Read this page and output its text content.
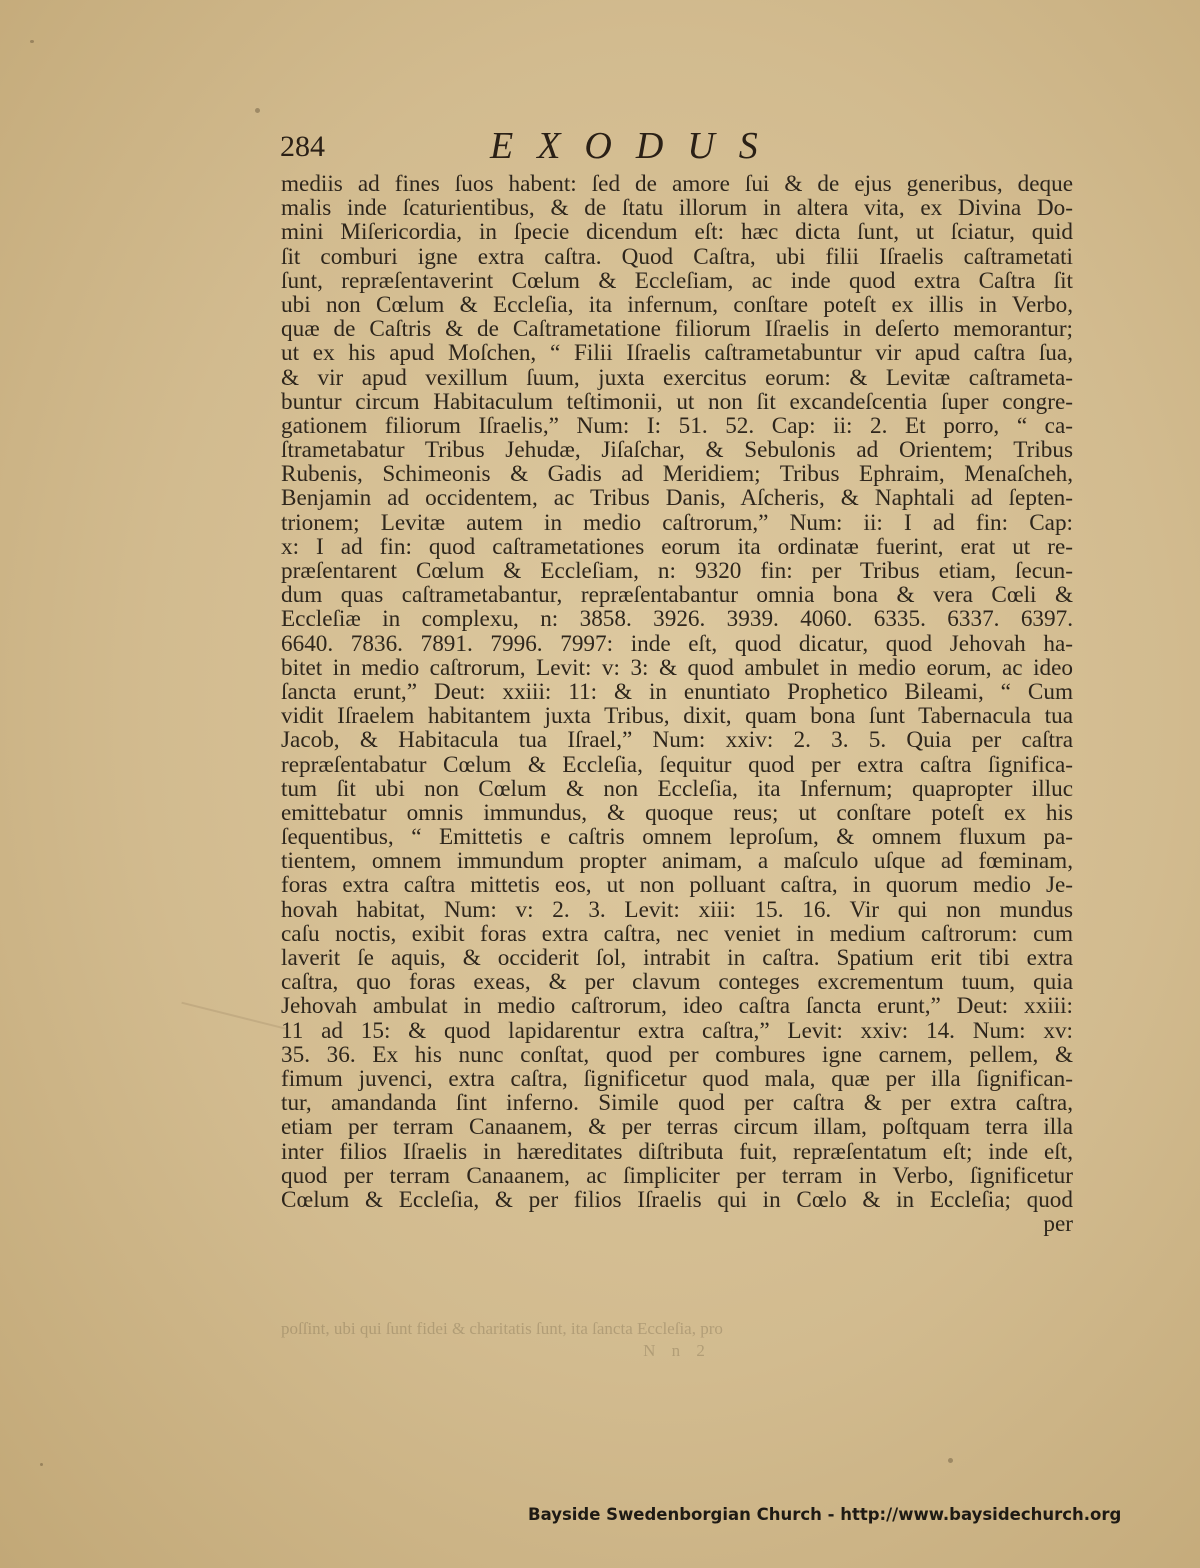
284	EXODUS
mediis ad fines ſuos habent: ſed de amore ſui & de ejus generibus, deque
malis inde ſcaturientibus, & de ſtatu illorum in altera vita, ex Divina Do-
mini Miſericordia, in ſpecie dicendum eſt: hæc dicta ſunt, ut ſciatur, quid
ſit comburi igne extra caſtra. Quod Caſtra, ubi filii Iſraelis caſtrametati
ſunt, repræſentaverint Cœlum & Eccleſiam, ac inde quod extra Caſtra ſit
ubi non Cœlum & Eccleſia, ita infernum, conſtare poteſt ex illis in Verbo,
quæ de Caſtris & de Caſtrametatione filiorum Iſraelis in deſerto memorantur;
ut ex his apud Moſchen, “ Filii Iſraelis caſtrametabuntur vir apud caſtra ſua,
& vir apud vexillum ſuum, juxta exercitus eorum: & Levitæ caſtrameta-
buntur circum Habitaculum teſtimonii, ut non ſit excandeſcentia ſuper congre-
gationem filiorum Iſraelis,” Num: I: 51. 52. Cap: ii: 2. Et porro, “ ca-
ſtrametabatur Tribus Jehudæ, Jiſaſchar, & Sebulonis ad Orientem; Tribus
Rubenis, Schimeonis & Gadis ad Meridiem; Tribus Ephraim, Menaſcheh,
Benjamin ad occidentem, ac Tribus Danis, Aſcheris, & Naphtali ad ſepten-
trionem; Levitæ autem in medio caſtrorum,” Num: ii: I ad fin: Cap:
x: I ad fin: quod caſtrametationes eorum ita ordinatæ fuerint, erat ut re-
præſentarent Cœlum & Eccleſiam, n: 9320 fin: per Tribus etiam, ſecun-
dum quas caſtrametabantur, repræſentabantur omnia bona & vera Cœli &
Eccleſiæ in complexu, n: 3858. 3926. 3939. 4060. 6335. 6337. 6397.
6640. 7836. 7891. 7996. 7997: inde eſt, quod dicatur, quod Jehovah ha-
bitet in medio caſtrorum, Levit: v: 3: & quod ambulet in medio eorum, ac ideo
ſancta erunt,” Deut: xxiii: 11: & in enuntiato Prophetico Bileami, “ Cum
vidit Iſraelem habitantem juxta Tribus, dixit, quam bona ſunt Tabernacula tua
Jacob, & Habitacula tua Iſrael,” Num: xxiv: 2. 3. 5. Quia per caſtra
repræſentabatur Cœlum & Eccleſia, ſequitur quod per extra caſtra ſignifica-
tum ſit ubi non Cœlum & non Eccleſia, ita Infernum; quapropter illuc
emittebatur omnis immundus, & quoque reus; ut conſtare poteſt ex his
ſequentibus, “ Emittetis e caſtris omnem leproſum, & omnem fluxum pa-
tientem, omnem immundum propter animam, a maſculo uſque ad fœminam,
foras extra caſtra mittetis eos, ut non polluant caſtra, in quorum medio Je-
hovah habitat, Num: v: 2. 3. Levit: xiii: 15. 16. Vir qui non mundus
caſu noctis, exibit foras extra caſtra, nec veniet in medium caſtrorum: cum
laverit ſe aquis, & occiderit ſol, intrabit in caſtra. Spatium erit tibi extra
caſtra, quo foras exeas, & per clavum conteges excrementum tuum, quia
Jehovah ambulat in medio caſtrorum, ideo caſtra ſancta erunt,” Deut: xxiii:
11 ad 15: & quod lapidarentur extra caſtra,” Levit: xxiv: 14. Num: xv:
35. 36. Ex his nunc conſtat, quod per combures igne carnem, pellem, &
fimum juvenci, extra caſtra, ſignificetur quod mala, quæ per illa ſignifican-
tur, amandanda ſint inferno. Simile quod per caſtra & per extra caſtra,
etiam per terram Canaanem, & per terras circum illam, poſtquam terra illa
inter filios Iſraelis in hæreditates diſtributa fuit, repræſentatum eſt; inde eſt,
quod per terram Canaanem, ac ſimpliciter per terram in Verbo, ſignificetur
Cœlum & Eccleſia, & per filios Iſraelis qui in Cœlo & in Eccleſia; quod
per
poſſint, ubi qui ſunt fidei & charitatis ſunt, ita ſancta Eccleſia, pro
N n 2
Bayside Swedenborgian Church - http://www.baysidechurch.org
